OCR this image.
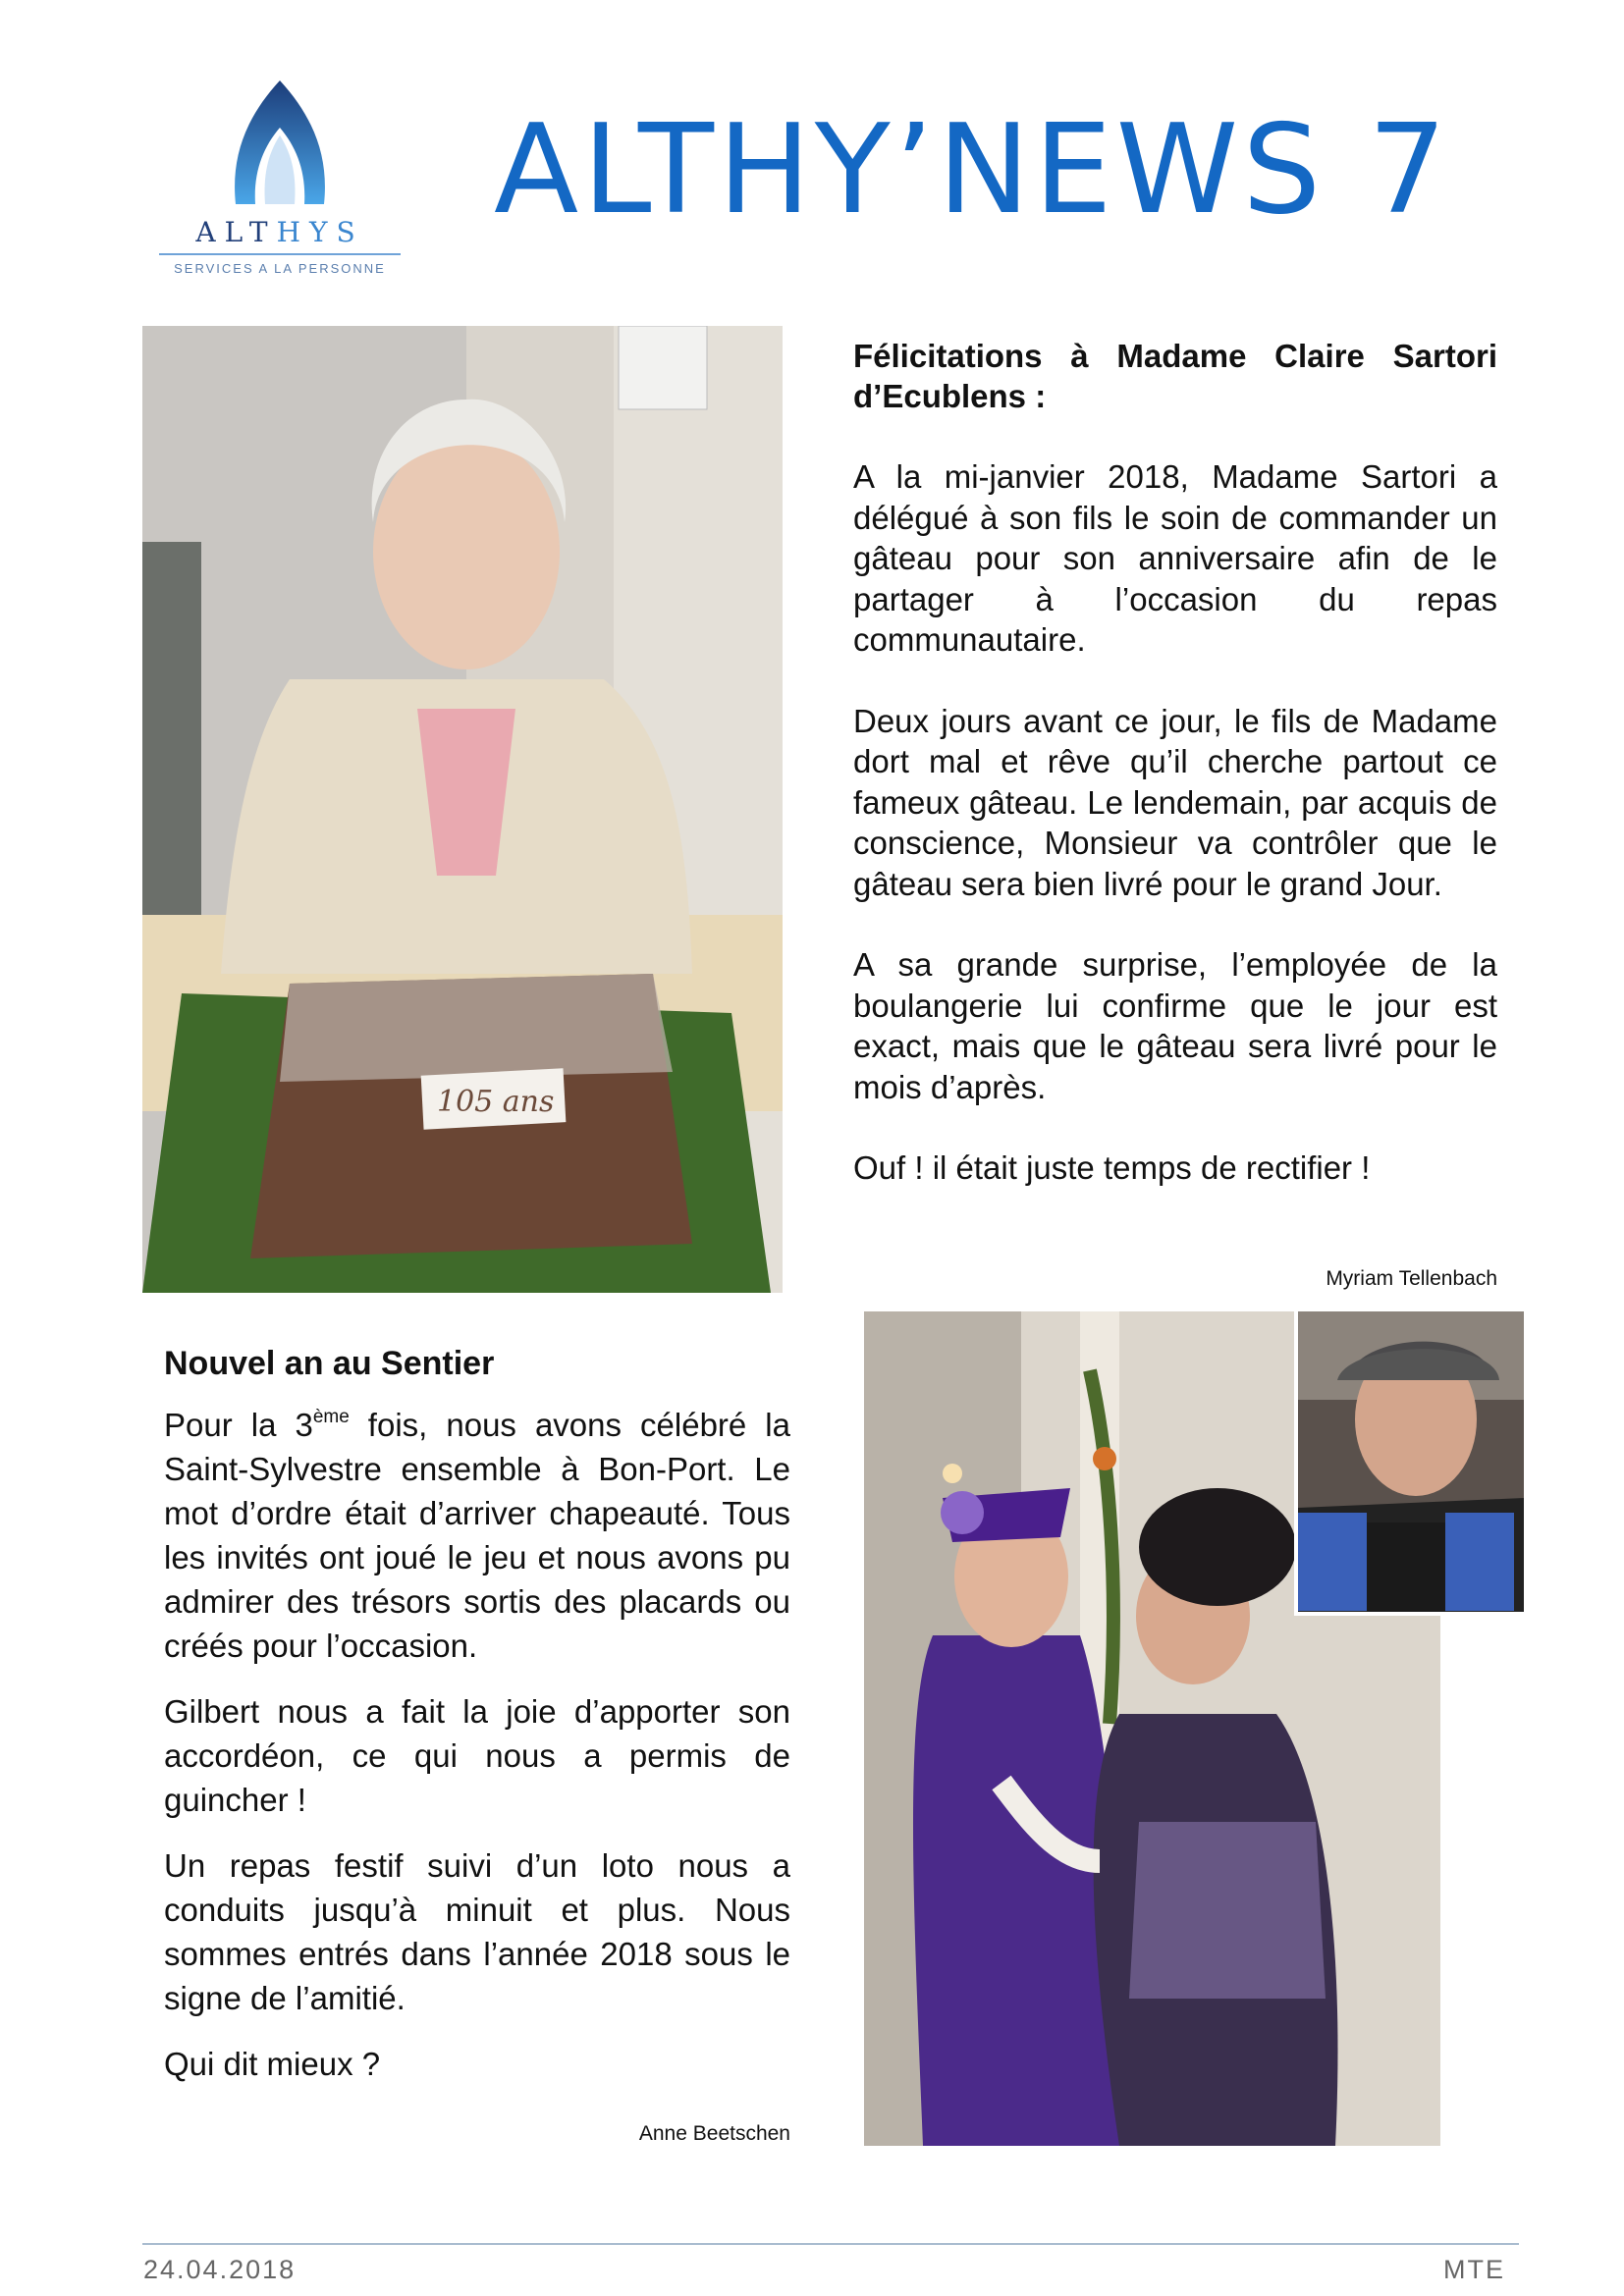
ALTHYS
SERVICES A LA PERSONNE
ALTHY’NEWS 7
105 ans
Félicitations à Madame Claire Sartori d’Ecublens :

A la mi-janvier 2018, Madame Sartori a délégué à son fils le soin de commander un gâteau pour son anniversaire afin de le partager à l’occasion du repas communautaire.

Deux jours avant ce jour, le fils de Madame dort mal et rêve qu’il cherche partout ce fameux gâteau. Le lendemain, par acquis de conscience, Monsieur va contrôler que le gâteau sera bien livré pour le grand Jour.

A sa grande surprise, l’employée de la boulangerie lui confirme que le jour est exact, mais que le gâteau sera livré pour le mois d’après.

Ouf ! il était juste temps de rectifier !

Myriam Tellenbach
Nouvel an au Sentier

Pour la 3ème fois, nous avons célébré la Saint-Sylvestre ensemble à Bon-Port. Le mot d’ordre était d’arriver chapeauté. Tous les invités ont joué le jeu et nous avons pu admirer des trésors sortis des placards ou créés pour l’occasion.

Gilbert nous a fait la joie d’apporter son accordéon, ce qui nous a permis de guincher !

Un repas festif suivi d’un loto nous a conduits jusqu’à minuit et plus. Nous sommes entrés dans l’année 2018 sous le signe de l’amitié.

Qui dit mieux ?

Anne Beetschen
24.04.2018	MTE
